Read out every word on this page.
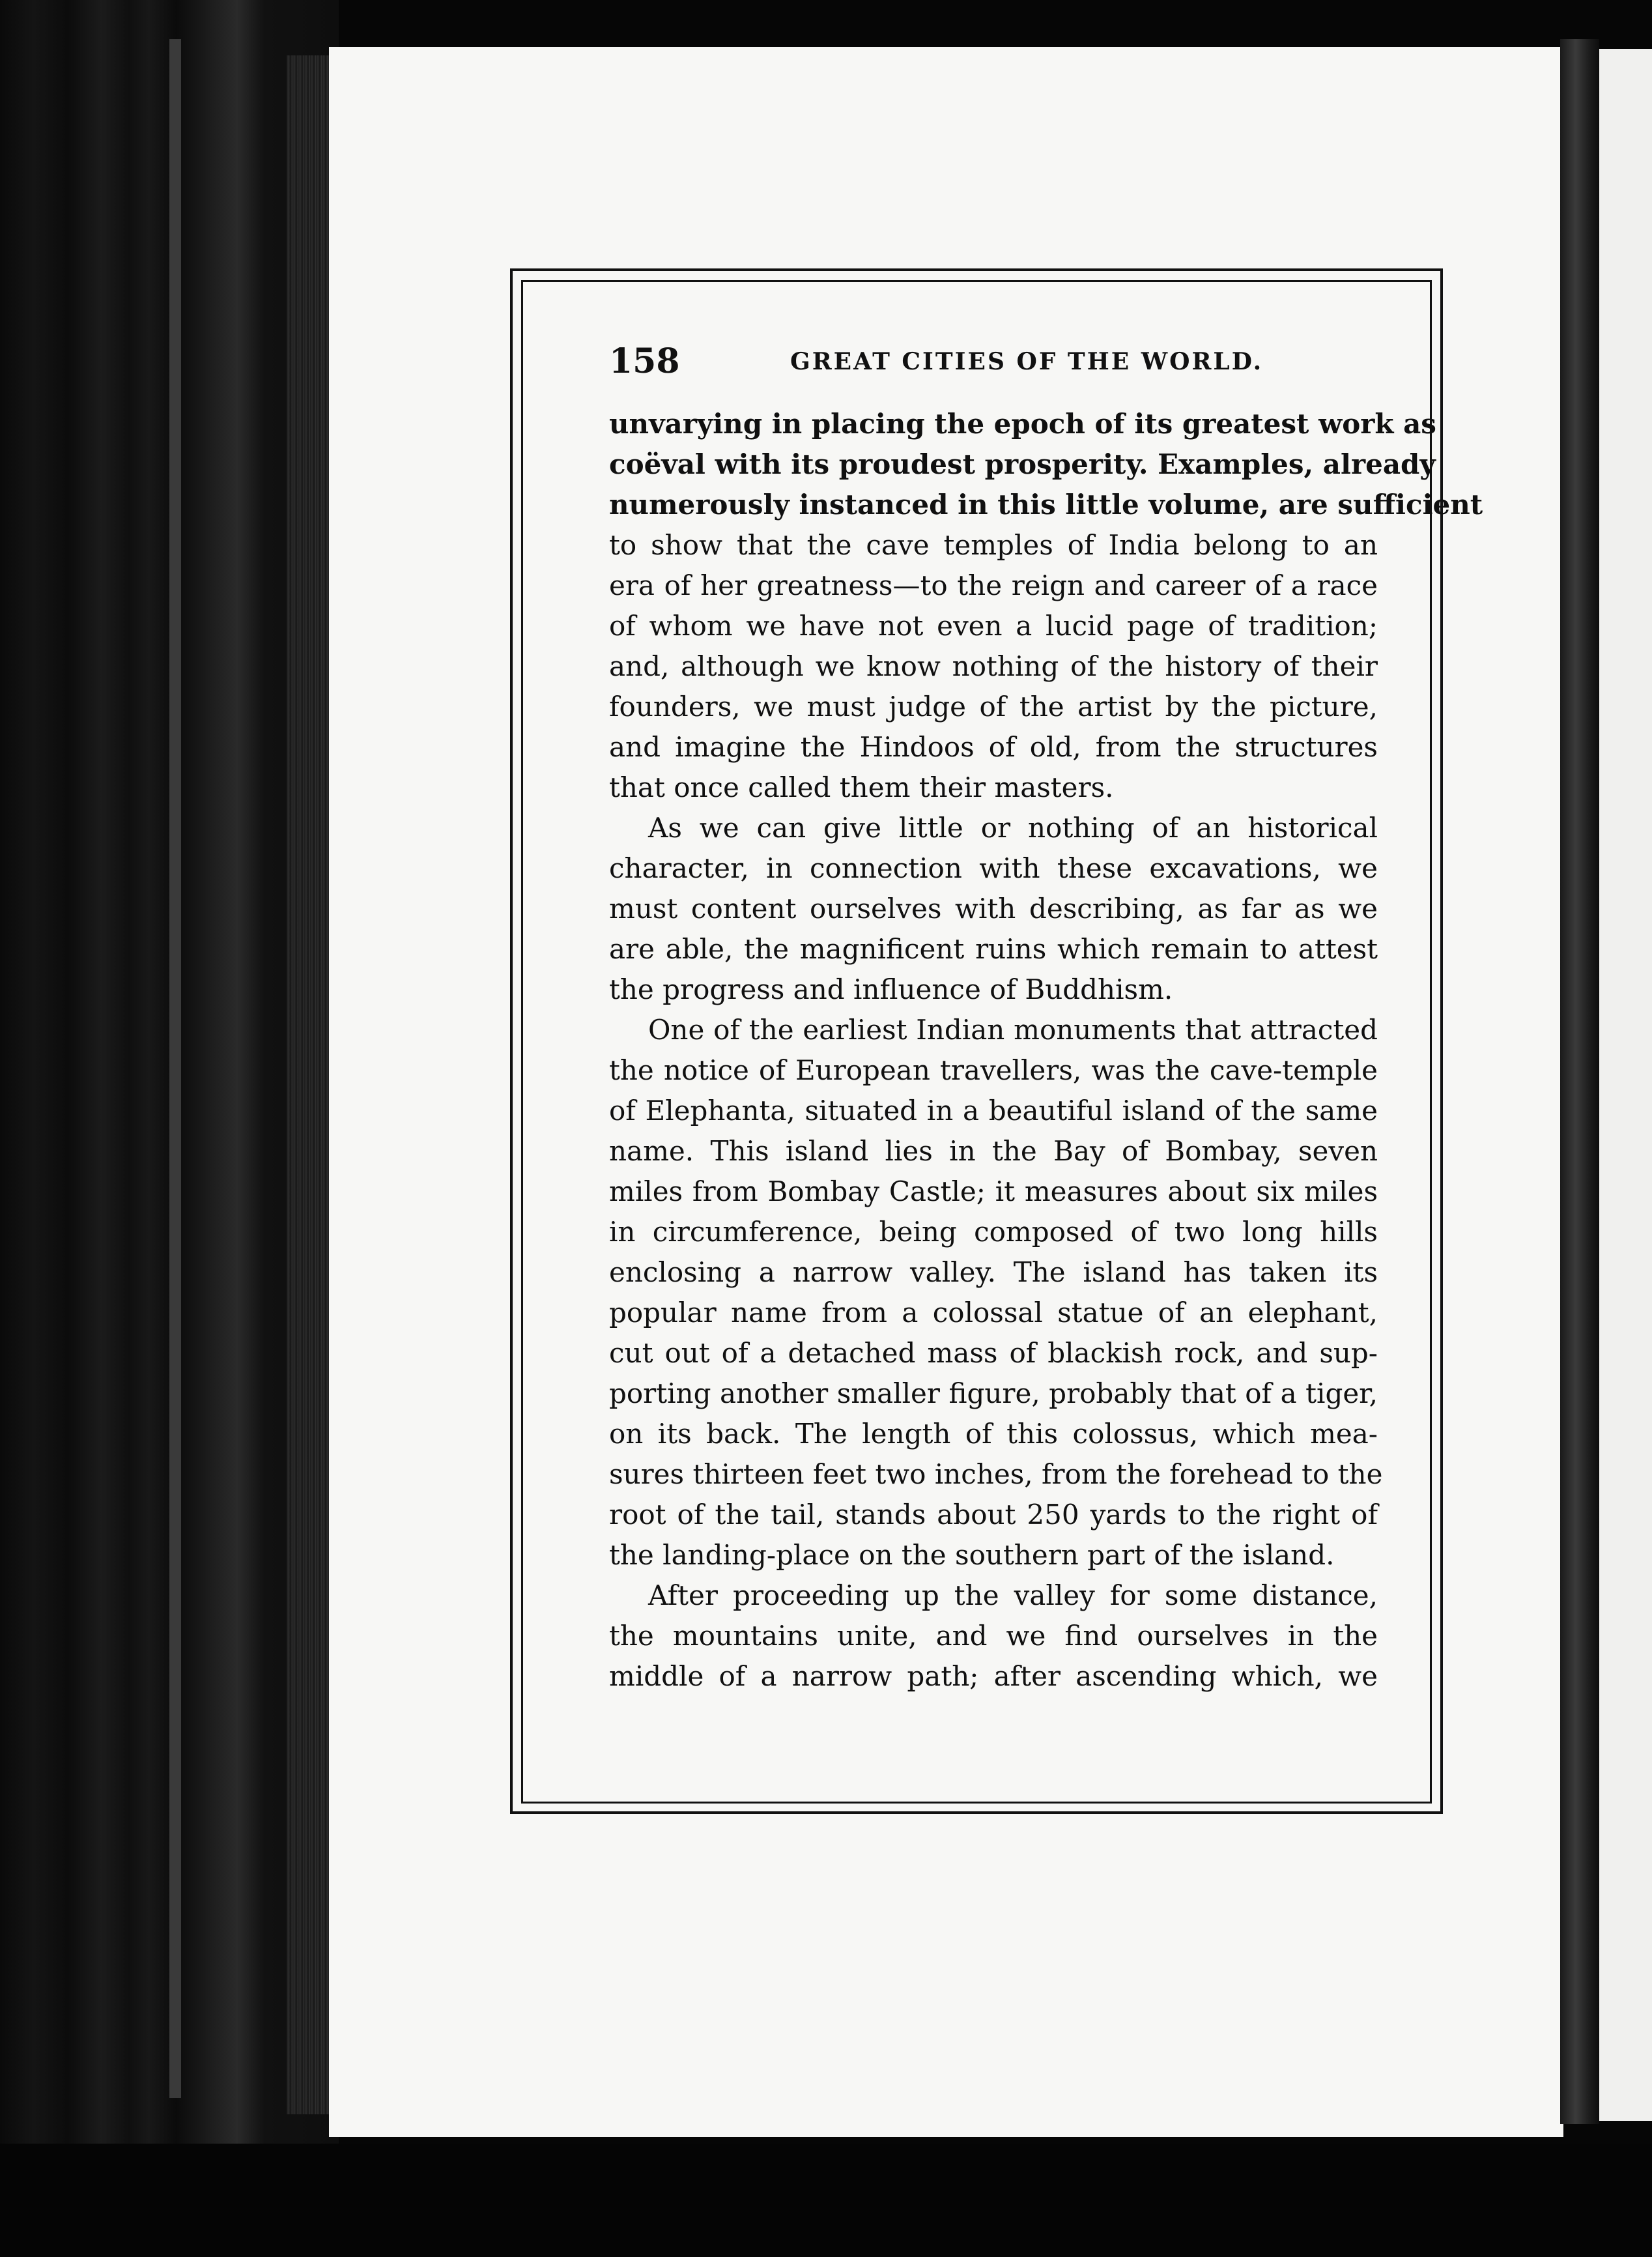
158	GREAT CITIES OF THE WORLD.
unvarying in placing the epoch of its greatest work as
coëval with its proudest prosperity. Examples, already
numerously instanced in this little volume, are sufficient
to show that the cave temples of India belong to an
era of her greatness—to the reign and career of a race
of whom we have not even a lucid page of tradition;
and, although we know nothing of the history of their
founders, we must judge of the artist by the picture,
and imagine the Hindoos of old, from the structures
that once called them their masters.
As we can give little or nothing of an historical
character, in connection with these excavations, we
must content ourselves with describing, as far as we
are able, the magnificent ruins which remain to attest
the progress and influence of Buddhism.
One of the earliest Indian monuments that attracted
the notice of European travellers, was the cave-temple
of Elephanta, situated in a beautiful island of the same
name. This island lies in the Bay of Bombay, seven
miles from Bombay Castle; it measures about six miles
in circumference, being composed of two long hills
enclosing a narrow valley. The island has taken its
popular name from a colossal statue of an elephant,
cut out of a detached mass of blackish rock, and sup-
porting another smaller figure, probably that of a tiger,
on its back. The length of this colossus, which mea-
sures thirteen feet two inches, from the forehead to the
root of the tail, stands about 250 yards to the right of
the landing-place on the southern part of the island.
After proceeding up the valley for some distance,
the mountains unite, and we find ourselves in the
middle of a narrow path; after ascending which, we
